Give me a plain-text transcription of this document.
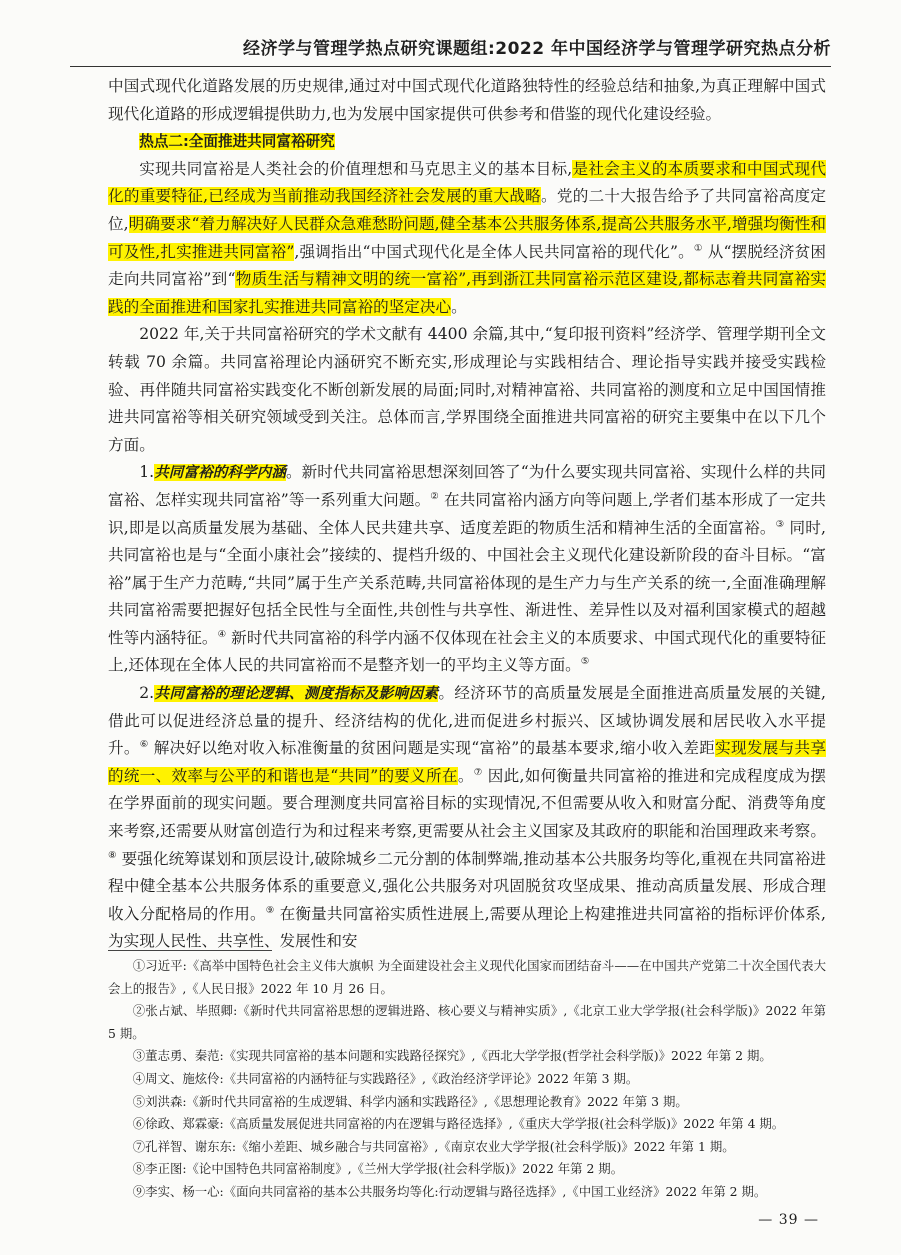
经济学与管理学热点研究课题组:2022 年中国经济学与管理学研究热点分析

中国式现代化道路发展的历史规律,通过对中国式现代化道路独特性的经验总结和抽象,为真正理解中国式现代化道路的形成逻辑提供助力,也为发展中国家提供可供参考和借鉴的现代化建设经验。

热点二:全面推进共同富裕研究

实现共同富裕是人类社会的价值理想和马克思主义的基本目标,是社会主义的本质要求和中国式现代化的重要特征,已经成为当前推动我国经济社会发展的重大战略。党的二十大报告给予了共同富裕高度定位,明确要求“着力解决好人民群众急难愁盼问题,健全基本公共服务体系,提高公共服务水平,增强均衡性和可及性,扎实推进共同富裕”,强调指出“中国式现代化是全体人民共同富裕的现代化”。① 从“摆脱经济贫困走向共同富裕”到“物质生活与精神文明的统一富裕”,再到浙江共同富裕示范区建设,都标志着共同富裕实践的全面推进和国家扎实推进共同富裕的坚定决心。

2022 年,关于共同富裕研究的学术文献有 4400 余篇,其中,“复印报刊资料”经济学、管理学期刊全文转载 70 余篇。共同富裕理论内涵研究不断充实,形成理论与实践相结合、理论指导实践并接受实践检验、再伴随共同富裕实践变化不断创新发展的局面;同时,对精神富裕、共同富裕的测度和立足中国国情推进共同富裕等相关研究领域受到关注。总体而言,学界围绕全面推进共同富裕的研究主要集中在以下几个方面。

1.共同富裕的科学内涵。新时代共同富裕思想深刻回答了“为什么要实现共同富裕、实现什么样的共同富裕、怎样实现共同富裕”等一系列重大问题。② 在共同富裕内涵方向等问题上,学者们基本形成了一定共识,即是以高质量发展为基础、全体人民共建共享、适度差距的物质生活和精神生活的全面富裕。③ 同时,共同富裕也是与“全面小康社会”接续的、提档升级的、中国社会主义现代化建设新阶段的奋斗目标。“富裕”属于生产力范畴,“共同”属于生产关系范畴,共同富裕体现的是生产力与生产关系的统一,全面准确理解共同富裕需要把握好包括全民性与全面性,共创性与共享性、渐进性、差异性以及对福利国家模式的超越性等内涵特征。④ 新时代共同富裕的科学内涵不仅体现在社会主义的本质要求、中国式现代化的重要特征上,还体现在全体人民的共同富裕而不是整齐划一的平均主义等方面。⑤

2.共同富裕的理论逻辑、测度指标及影响因素。经济环节的高质量发展是全面推进高质量发展的关键,借此可以促进经济总量的提升、经济结构的优化,进而促进乡村振兴、区域协调发展和居民收入水平提升。⑥ 解决好以绝对收入标准衡量的贫困问题是实现“富裕”的最基本要求,缩小收入差距实现发展与共享的统一、效率与公平的和谐也是“共同”的要义所在。⑦ 因此,如何衡量共同富裕的推进和完成程度成为摆在学界面前的现实问题。要合理测度共同富裕目标的实现情况,不但需要从收入和财富分配、消费等角度来考察,还需要从财富创造行为和过程来考察,更需要从社会主义国家及其政府的职能和治国理政来考察。⑧ 要强化统筹谋划和顶层设计,破除城乡二元分割的体制弊端,推动基本公共服务均等化,重视在共同富裕进程中健全基本公共服务体系的重要意义,强化公共服务对巩固脱贫攻坚成果、推动高质量发展、形成合理收入分配格局的作用。⑨ 在衡量共同富裕实质性进展上,需要从理论上构建推进共同富裕的指标评价体系,为实现人民性、共享性、发展性和安

①习近平:《高举中国特色社会主义伟大旗帜 为全面建设社会主义现代化国家而团结奋斗——在中国共产党第二十次全国代表大会上的报告》,《人民日报》2022 年 10 月 26 日。
②张占斌、毕照卿:《新时代共同富裕思想的逻辑进路、核心要义与精神实质》,《北京工业大学学报(社会科学版)》2022 年第 5 期。
③董志勇、秦范:《实现共同富裕的基本问题和实践路径探究》,《西北大学学报(哲学社会科学版)》2022 年第 2 期。
④周文、施炫伶:《共同富裕的内涵特征与实践路径》,《政治经济学评论》2022 年第 3 期。
⑤刘洪森:《新时代共同富裕的生成逻辑、科学内涵和实践路径》,《思想理论教育》2022 年第 3 期。
⑥徐政、郑霖豪:《高质量发展促进共同富裕的内在逻辑与路径选择》,《重庆大学学报(社会科学版)》2022 年第 4 期。
⑦孔祥智、谢东东:《缩小差距、城乡融合与共同富裕》,《南京农业大学学报(社会科学版)》2022 年第 1 期。
⑧李正图:《论中国特色共同富裕制度》,《兰州大学学报(社会科学版)》2022 年第 2 期。
⑨李实、杨一心:《面向共同富裕的基本公共服务均等化:行动逻辑与路径选择》,《中国工业经济》2022 年第 2 期。
— 39 —
